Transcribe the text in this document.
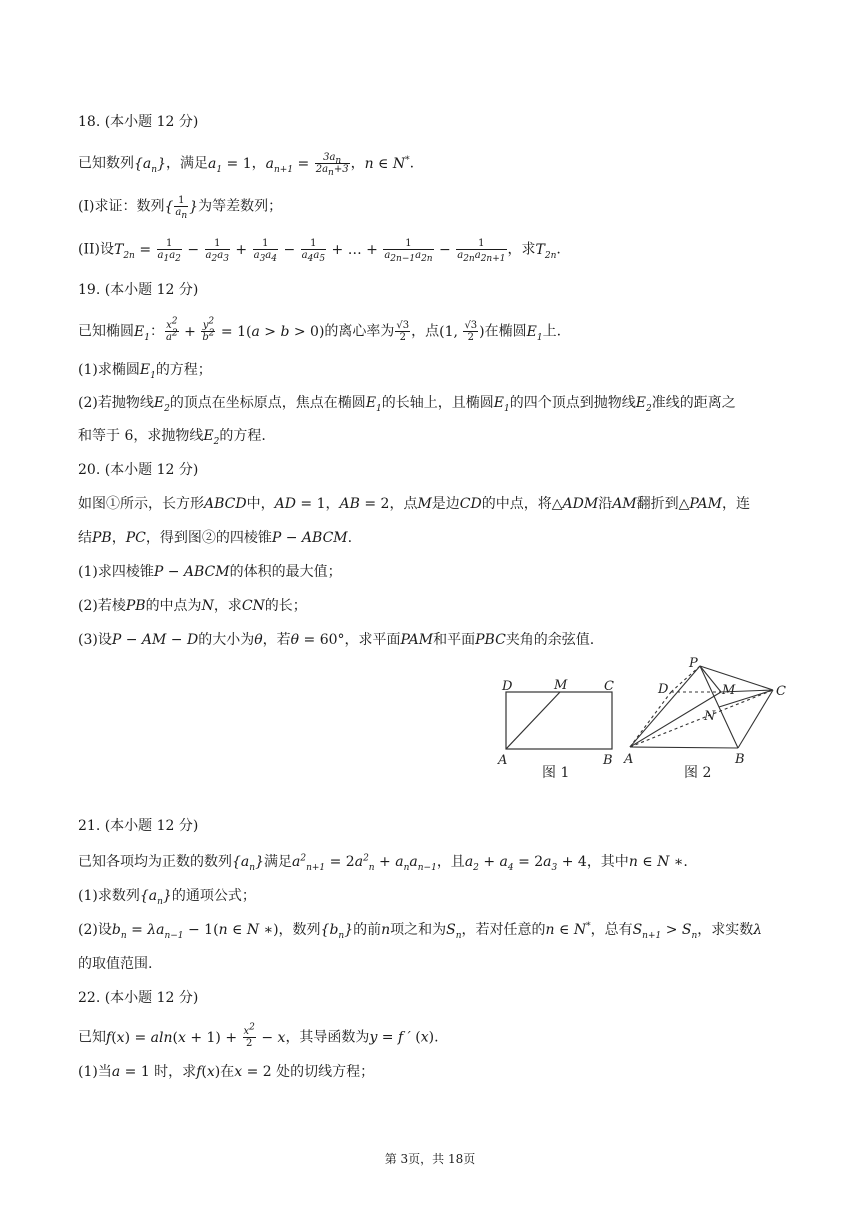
18. (本小题 12 分)
已知数列$\{a_n\}$，满足$a_1 = 1$，$a_{n+1} = \frac{3a_n}{2a_n+3}$ ，n ∈ N*.
(I)求证：数列{ $\frac{1}{a_n}$ }为等差数列；
(II)设$T_{2n} = \frac{1}{a_1a_2} - \frac{1}{a_2a_3} + \frac{1}{a_3a_4} - \frac{1}{a_4a_5}$ + … + $\frac{1}{a_{2n-1}a_{2n}} - \frac{1}{a_{2n}a_{2n+1}}$ ，求$T_{2n}$.
19. (本小题 12 分)
已知椭圆$E_1$： $\frac{x^2}{a^2} + \frac{y^2}{b^2} = 1(a > b > 0)$的离心率为 $\frac{√3}{2}$ ，点(1, $\frac{√3}{2}$ )在椭圆$E_1$上.
(1)求椭圆$E_1$的方程；
(2)若抛物线$E_2$的顶点在坐标原点，焦点在椭圆$E_1$的长轴上，且椭圆$E_1$的四个顶点到抛物线$E_2$准线的距离之
和等于 6，求抛物线$E_2$的方程.
20. (本小题 12 分)
如图①所示，长方形ABCD中，AD = 1，AB = 2，点M是边CD的中点，将△ADM沿AM翻折到△PAM，连
结PB，PC，得到图②的四棱锥P − ABCM.
(1)求四棱锥P − ABCM的体积的最大值；
(2)若棱PB的中点为N，求CN的长；
(3)设P − AM − D的大小为θ，若θ = 60°，求平面PAM和平面PBC夹角的余弦值.
D	M	C
A	B
图 1
P
D	M	C
N
A	B
图 2
21. (本小题 12 分)
已知各项均为正数的数列$\{a_n\}$满足$a^2_{n+1} = 2a^2_n + a_na_{n-1}$，且$a_2 + a_4 = 2a_3 + 4$，其中n ∈ N ∗.
(1)求数列$\{a_n\}$的通项公式；
(2)设$b_n = \lambda a_{n-1} - 1(n$ ∈ N ∗)，数列$\{b_n\}$的前n项之和为$S_n$，若对任意的n ∈ N*，总有$S_{n+1} > S_n$，求实数λ
的取值范围.
22. (本小题 12 分)
已知$f(x) = aln(x + 1) + \frac{x^2}{2} - x$，其导函数为y = f ′ (x).
(1)当a = 1 时，求f(x)在x = 2 处的切线方程；
第 3页，共 18页
